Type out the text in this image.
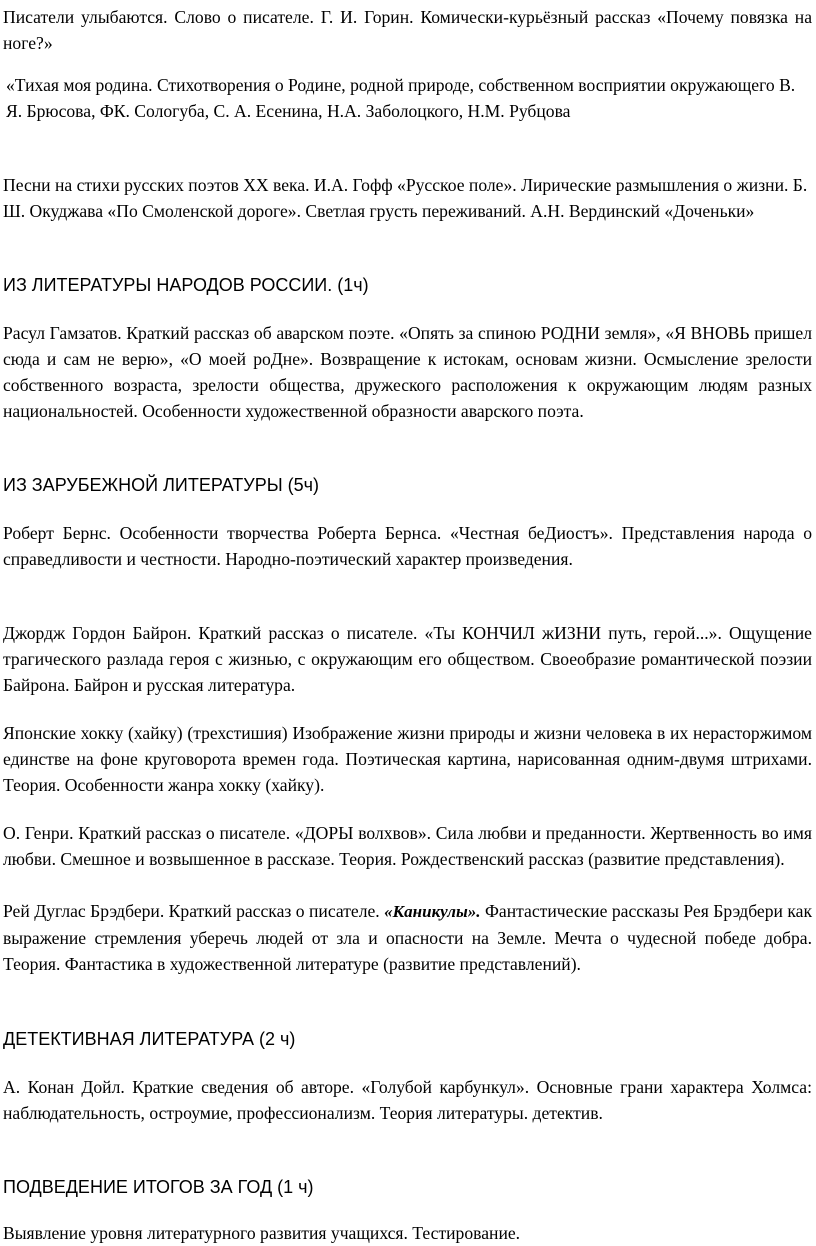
Писатели улыбаются. Слово о писателе. Г. И. Горин. Комически-курьёзный рассказ «Почему повязка на ноге?»

«Тихая моя родина. Стихотворения о Родине, родной природе, собственном восприятии окружающего В. Я. Брюсова, ФК. Сологуба, С. А. Есенина, Н.А. Заболоцкого, Н.М. Рубцова

Песни на стихи русских поэтов XX века. И.А. Гофф «Русское поле». Лирические размышления о жизни. Б. Ш. Окуджава «По Смоленской дороге». Светлая грусть переживаний. А.Н. Вердинский «Доченьки»

ИЗ ЛИТЕРАТУРЫ НАРОДОВ РОССИИ. (1ч)

Расул Гамзатов. Краткий рассказ об аварском поэте. «Опять за спиною РОДНИ земля», «Я ВНОВЬ пришел сюда и сам не верю», «О моей роДне». Возвращение к истокам, основам жизни. Осмысление зрелости собственного возраста, зрелости общества, дружеского расположения к окружающим людям разных национальностей. Особенности художественной образности аварского поэта.

ИЗ ЗАРУБЕЖНОЙ ЛИТЕРАТУРЫ (5ч)

Роберт Бернс. Особенности творчества Роберта Бернса. «Честная беДиостъ». Представления народа о справедливости и честности. Народно-поэтический характер произведения.

Джордж Гордон Байрон. Краткий рассказ о писателе. «Ты КОНЧИЛ жИЗНИ путь, герой...». Ощущение трагического разлада героя с жизнью, с окружающим его обществом. Своеобразие романтической поэзии Байрона. Байрон и русская литература.

Японские хокку (хайку) (трехстишия) Изображение жизни природы и жизни человека в их нерасторжимом единстве на фоне круговорота времен года. Поэтическая картина, нарисованная одним-двумя штрихами. Теория. Особенности жанра хокку (хайку).

О. Генри. Краткий рассказ о писателе. «ДОРЫ волхвов». Сила любви и преданности. Жертвенность во имя любви. Смешное и возвышенное в рассказе. Теория. Рождественский рассказ (развитие представления).

Рей Дуглас Брэдбери. Краткий рассказ о писателе. «Каникулы». Фантастические рассказы Рея Брэдбери как выражение стремления уберечь людей от зла и опасности на Земле. Мечта о чудесной победе добра. Теория. Фантастика в художественной литературе (развитие представлений).

ДЕТЕКТИВНАЯ ЛИТЕРАТУРА (2 ч)

А. Конан Дойл. Краткие сведения об авторе. «Голубой карбункул». Основные грани характера Холмса: наблюдательность, остроумие, профессионализм. Теория литературы. детектив.

ПОДВЕДЕНИЕ ИТОГОВ ЗА ГОД (1 ч)

Выявление уровня литературного развития учащихся. Тестирование.
